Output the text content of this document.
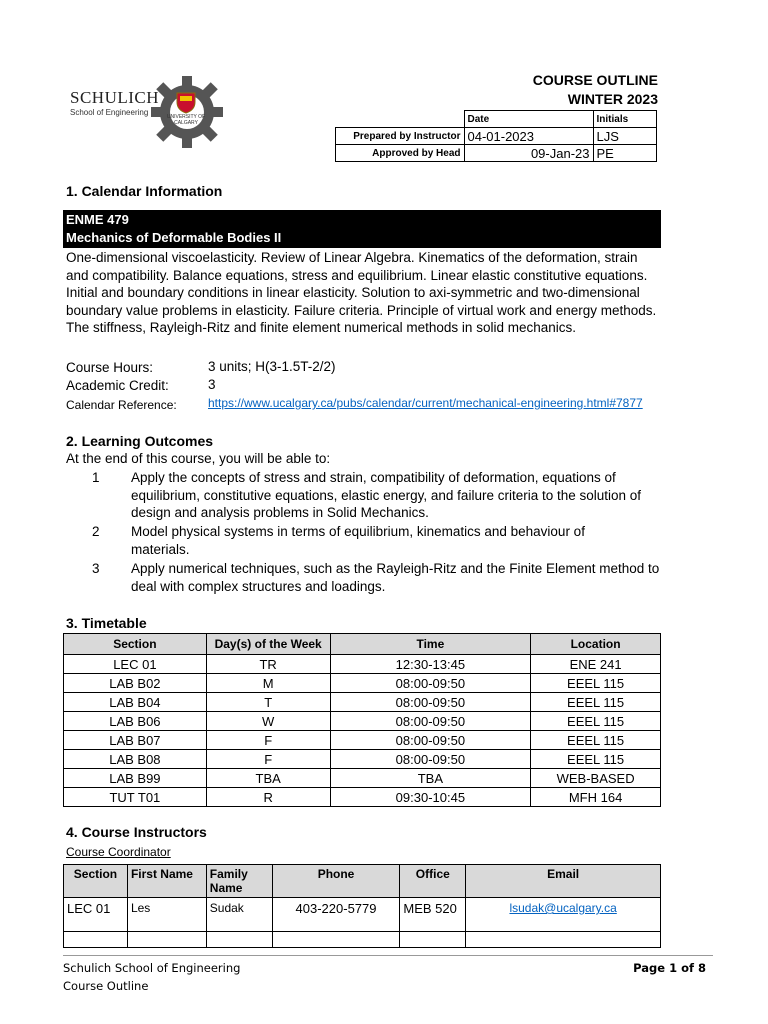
UNIVERSITY OF CALGARY
SCHULICH
School of Engineering
COURSE OUTLINE
WINTER 2023
	Date	Initials
Prepared by Instructor	04-01-2023	LJS
Approved by Head	09-Jan-23	PE
1. Calendar Information
ENME 479
Mechanics of Deformable Bodies II
One-dimensional viscoelasticity. Review of Linear Algebra. Kinematics of the deformation, strain and compatibility. Balance equations, stress and equilibrium. Linear elastic constitutive equations. Initial and boundary conditions in linear elasticity. Solution to axi-symmetric and two-dimensional boundary value problems in elasticity. Failure criteria. Principle of virtual work and energy methods. The stiffness, Rayleigh-Ritz and finite element numerical methods in solid mechanics.
Course Hours:	3 units; H(3-1.5T-2/2)
Academic Credit:	3
Calendar Reference:	https://www.ucalgary.ca/pubs/calendar/current/mechanical-engineering.html#7877
2. Learning Outcomes
At the end of this course, you will be able to:
1 Apply the concepts of stress and strain, compatibility of deformation, equations of equilibrium, constitutive equations, elastic energy, and failure criteria to the solution of design and analysis problems in Solid Mechanics.
2 Model physical systems in terms of equilibrium, kinematics and behaviour of materials.
3 Apply numerical techniques, such as the Rayleigh-Ritz and the Finite Element method to deal with complex structures and loadings.
3. Timetable
Section	Day(s) of the Week	Time	Location
LEC 01	TR	12:30-13:45	ENE 241
LAB B02	M	08:00-09:50	EEEL 115
LAB B04	T	08:00-09:50	EEEL 115
LAB B06	W	08:00-09:50	EEEL 115
LAB B07	F	08:00-09:50	EEEL 115
LAB B08	F	08:00-09:50	EEEL 115
LAB B99	TBA	TBA	WEB-BASED
TUT T01	R	09:30-10:45	MFH 164
4. Course Instructors
Course Coordinator
Section	First Name	Family Name	Phone	Office	Email
LEC 01	Les	Sudak	403-220-5779	MEB 520	lsudak@ucalgary.ca

Schulich School of Engineering
Course Outline
Page 1 of 8
